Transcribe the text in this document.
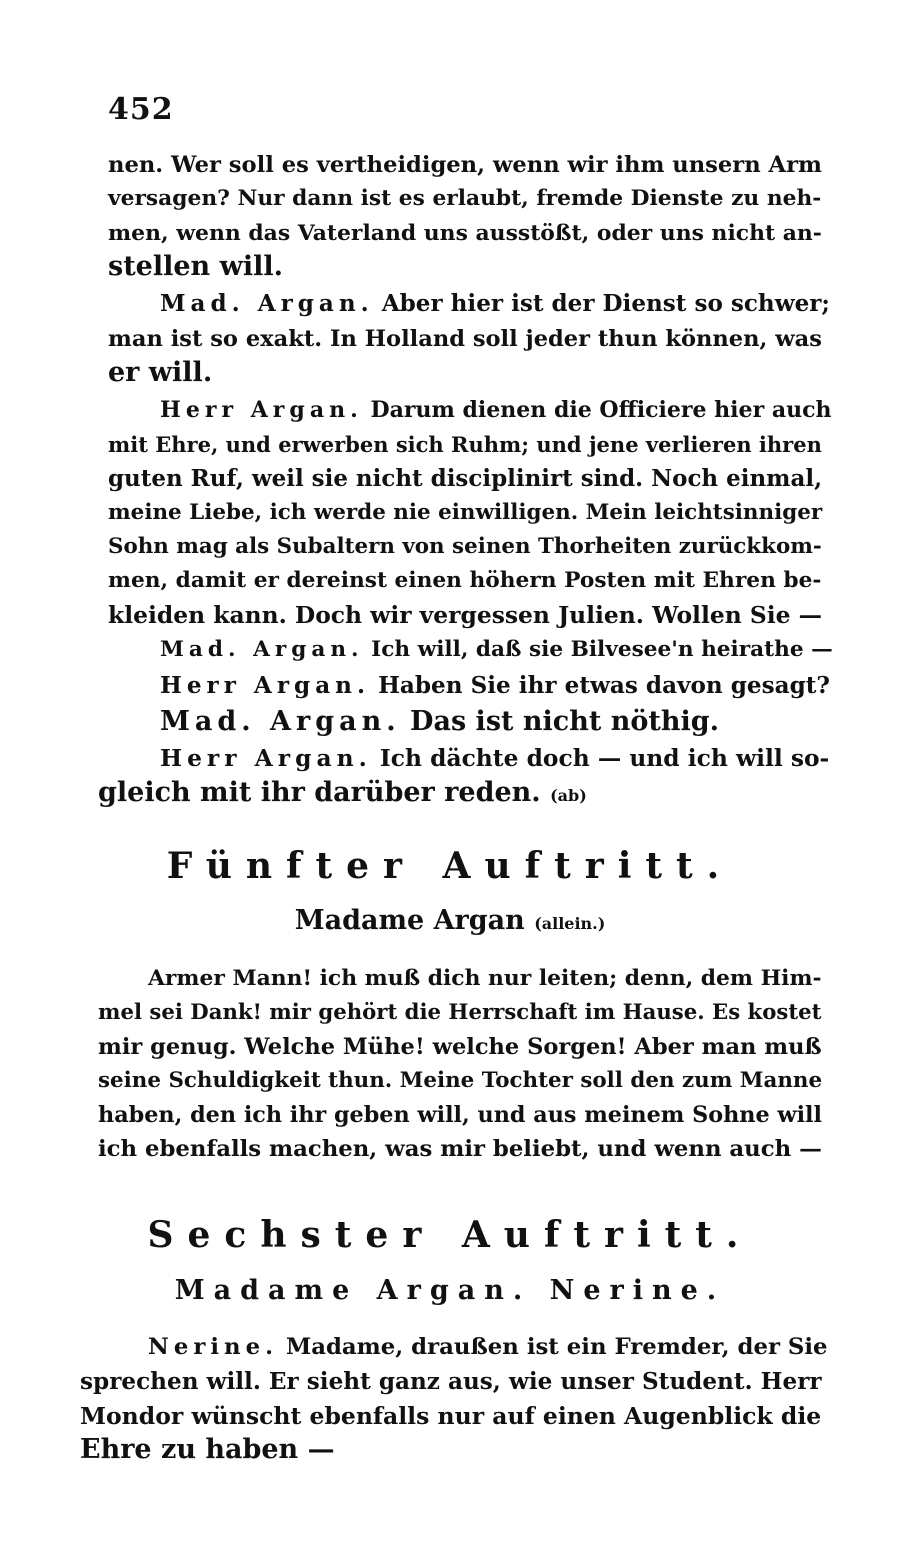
452
nen. Wer soll es vertheidigen, wenn wir ihm unsern Arm
versagen? Nur dann ist es erlaubt, fremde Dienste zu neh-
men, wenn das Vaterland uns ausstößt, oder uns nicht an-
stellen will.
Mad. Argan. Aber hier ist der Dienst so schwer;
man ist so exakt. In Holland soll jeder thun können, was
er will.
Herr Argan. Darum dienen die Officiere hier auch
mit Ehre, und erwerben sich Ruhm; und jene verlieren ihren
guten Ruf, weil sie nicht disciplinirt sind. Noch einmal,
meine Liebe, ich werde nie einwilligen. Mein leichtsinniger
Sohn mag als Subaltern von seinen Thorheiten zurückkom-
men, damit er dereinst einen höhern Posten mit Ehren be-
kleiden kann. Doch wir vergessen Julien. Wollen Sie —
Mad. Argan. Ich will, daß sie Bilvesee'n heirathe —
Herr Argan. Haben Sie ihr etwas davon gesagt?
Mad. Argan. Das ist nicht nöthig.
Herr Argan. Ich dächte doch — und ich will so-
gleich mit ihr darüber reden. (ab)
Fünfter Auftritt.
Madame Argan (allein.)
Armer Mann! ich muß dich nur leiten; denn, dem Him-
mel sei Dank! mir gehört die Herrschaft im Hause. Es kostet
mir genug. Welche Mühe! welche Sorgen! Aber man muß
seine Schuldigkeit thun. Meine Tochter soll den zum Manne
haben, den ich ihr geben will, und aus meinem Sohne will
ich ebenfalls machen, was mir beliebt, und wenn auch —
Sechster Auftritt.
Madame Argan. Nerine.
Nerine. Madame, draußen ist ein Fremder, der Sie
sprechen will. Er sieht ganz aus, wie unser Student. Herr
Mondor wünscht ebenfalls nur auf einen Augenblick die
Ehre zu haben —
